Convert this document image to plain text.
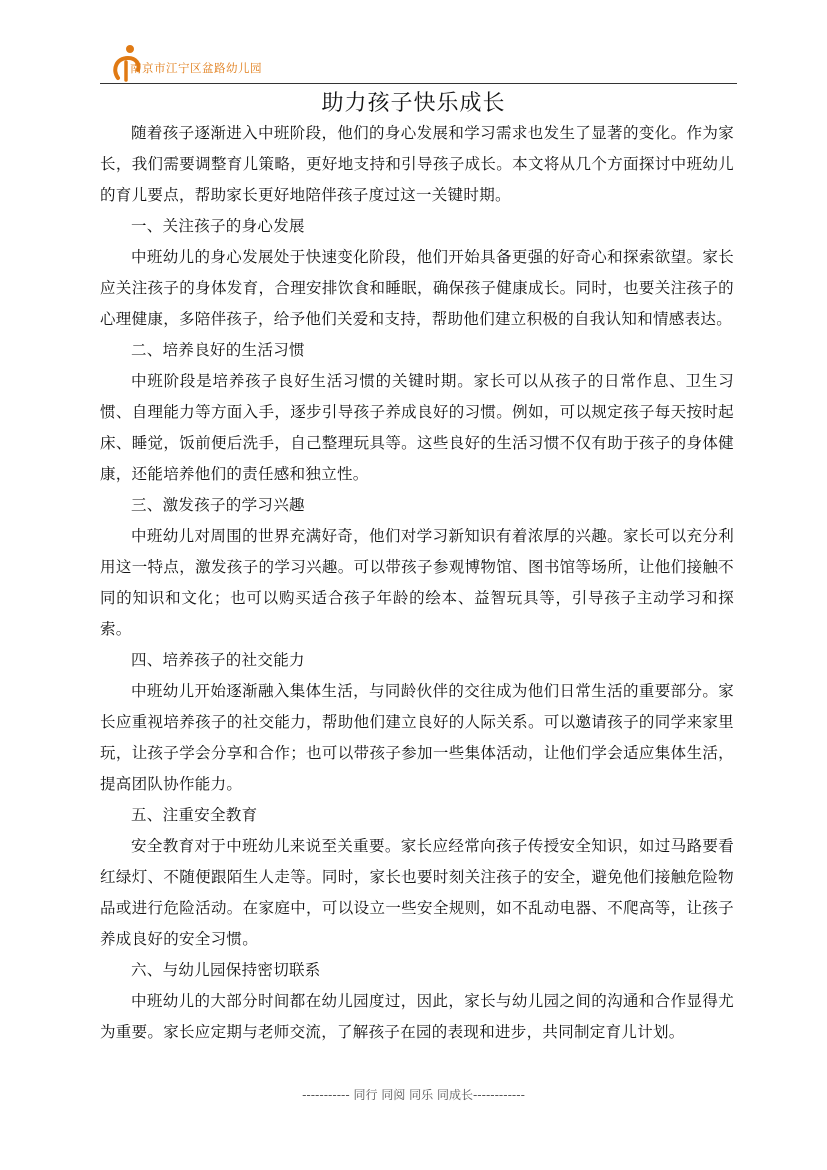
南京市江宁区盆路幼儿园
助力孩子快乐成长

随着孩子逐渐进入中班阶段，他们的身心发展和学习需求也发生了显著的变化。作为家长，我们需要调整育儿策略，更好地支持和引导孩子成长。本文将从几个方面探讨中班幼儿的育儿要点，帮助家长更好地陪伴孩子度过这一关键时期。

一、关注孩子的身心发展

中班幼儿的身心发展处于快速变化阶段，他们开始具备更强的好奇心和探索欲望。家长应关注孩子的身体发育，合理安排饮食和睡眠，确保孩子健康成长。同时，也要关注孩子的心理健康，多陪伴孩子，给予他们关爱和支持，帮助他们建立积极的自我认知和情感表达。

二、培养良好的生活习惯

中班阶段是培养孩子良好生活习惯的关键时期。家长可以从孩子的日常作息、卫生习惯、自理能力等方面入手，逐步引导孩子养成良好的习惯。例如，可以规定孩子每天按时起床、睡觉，饭前便后洗手，自己整理玩具等。这些良好的生活习惯不仅有助于孩子的身体健康，还能培养他们的责任感和独立性。

三、激发孩子的学习兴趣

中班幼儿对周围的世界充满好奇，他们对学习新知识有着浓厚的兴趣。家长可以充分利用这一特点，激发孩子的学习兴趣。可以带孩子参观博物馆、图书馆等场所，让他们接触不同的知识和文化；也可以购买适合孩子年龄的绘本、益智玩具等，引导孩子主动学习和探索。

四、培养孩子的社交能力

中班幼儿开始逐渐融入集体生活，与同龄伙伴的交往成为他们日常生活的重要部分。家长应重视培养孩子的社交能力，帮助他们建立良好的人际关系。可以邀请孩子的同学来家里玩，让孩子学会分享和合作；也可以带孩子参加一些集体活动，让他们学会适应集体生活，提高团队协作能力。

五、注重安全教育

安全教育对于中班幼儿来说至关重要。家长应经常向孩子传授安全知识，如过马路要看红绿灯、不随便跟陌生人走等。同时，家长也要时刻关注孩子的安全，避免他们接触危险物品或进行危险活动。在家庭中，可以设立一些安全规则，如不乱动电器、不爬高等，让孩子养成良好的安全习惯。

六、与幼儿园保持密切联系

中班幼儿的大部分时间都在幼儿园度过，因此，家长与幼儿园之间的沟通和合作显得尤为重要。家长应定期与老师交流，了解孩子在园的表现和进步，共同制定育儿计划。

----------- 同行 同阅 同乐 同成长------------
